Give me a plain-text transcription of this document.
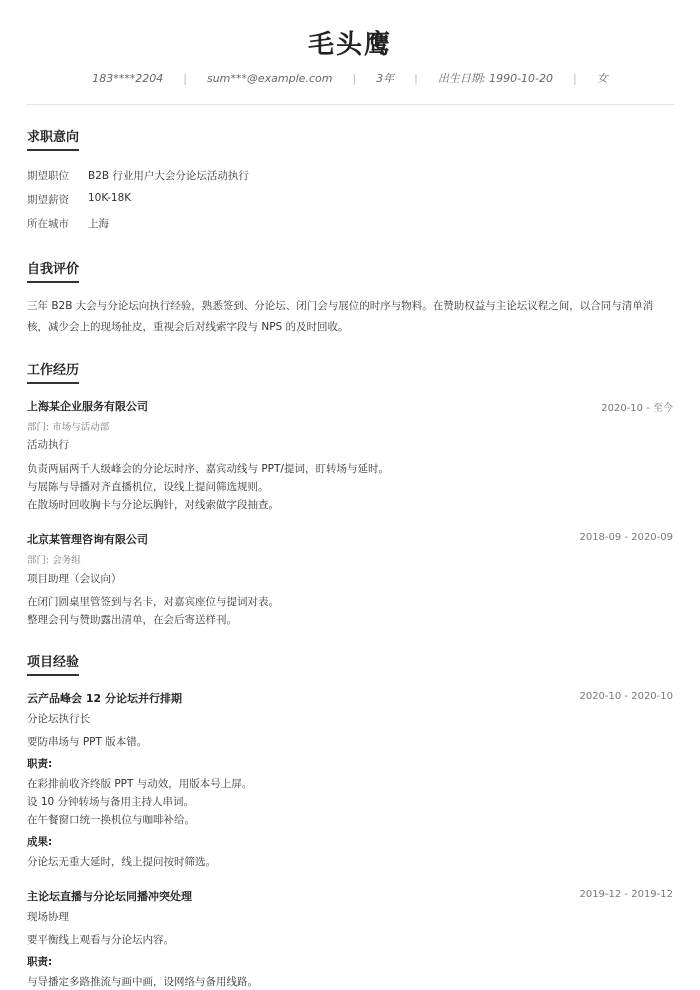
毛头鹰
183****2204	|	sum***@example.com	|	3年	|	出生日期: 1990-10-20	|	女
求职意向
期望职位	B2B 行业用户大会分论坛活动执行
期望薪资	10K-18K
所在城市	上海
自我评价
三年 B2B 大会与分论坛向执行经验，熟悉签到、分论坛、闭门会与展位的时序与物料。在赞助权益与主论坛议程之间，以合同与清单消核，减少会上的现场扯皮，重视会后对线索字段与 NPS 的及时回收。
工作经历
上海某企业服务有限公司	2020-10 - 至今
部门: 市场与活动部
活动执行
负责两届两千人级峰会的分论坛时序、嘉宾动线与 PPT/提词，盯转场与延时。
与展陈与导播对齐直播机位，设线上提问筛选规则。
在散场时回收胸卡与分论坛胸针，对线索做字段抽查。
北京某管理咨询有限公司	2018-09 - 2020-09
部门: 会务组
项目助理（会议向）
在闭门圆桌里管签到与名卡，对嘉宾座位与提词对表。
整理会刊与赞助露出清单，在会后寄送样刊。
项目经验
云产品峰会 12 分论坛并行排期	2020-10 - 2020-10
分论坛执行长
要防串场与 PPT 版本错。
职责:
在彩排前收齐终版 PPT 与动效，用版本号上屏。
设 10 分钟转场与备用主持人串词。
在午餐窗口统一换机位与咖啡补给。
成果:
分论坛无重大延时，线上提问按时筛选。
主论坛直播与分论坛同播冲突处理	2019-12 - 2019-12
现场协理
要平衡线上观看与分论坛内容。
职责:
与导播定多路推流与画中画，设网络与备用线路。
